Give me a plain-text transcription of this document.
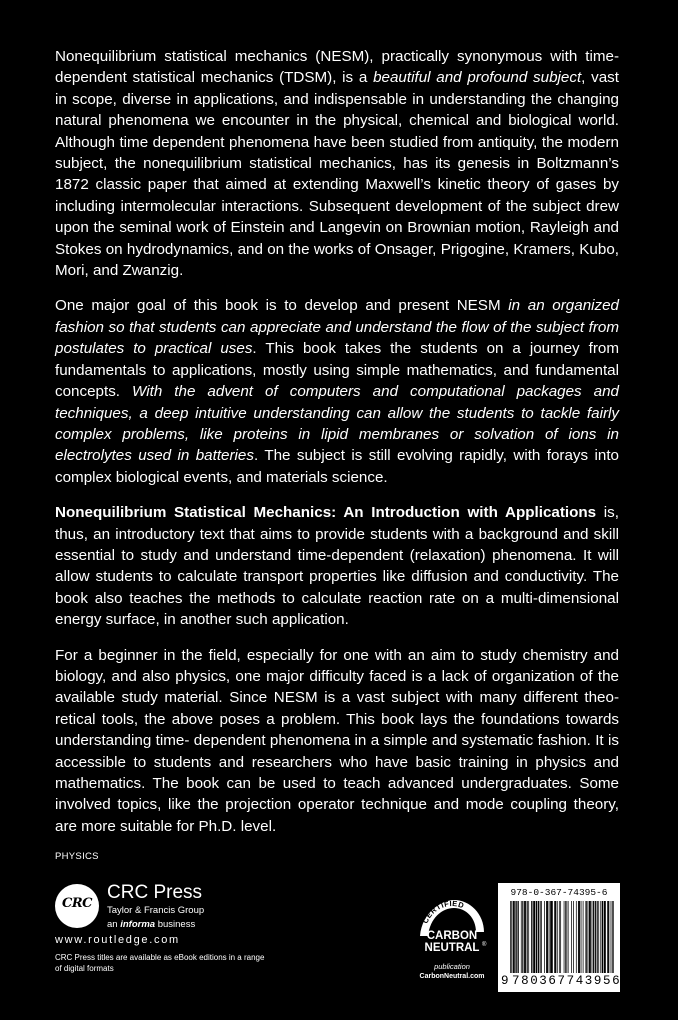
Nonequilibrium statistical mechanics (NESM), practically synonymous with time-dependent statistical mechanics (TDSM), is a beautiful and profound subject, vast in scope, diverse in applications, and indispensable in understanding the changing natural phenomena we encounter in the physical, chemical and biological world. Although time dependent phenomena have been studied from antiquity, the modern subject, the nonequilibrium statistical mechanics, has its genesis in Boltzmann’s 1872 classic paper that aimed at extending Maxwell’s kinetic theory of gases by including intermolecular interactions. Subsequent development of the subject drew upon the seminal work of Einstein and Langevin on Brownian motion, Rayleigh and Stokes on hydrodynamics, and on the works of Onsager, Prigogine, Kramers, Kubo, Mori, and Zwanzig.

One major goal of this book is to develop and present NESM in an organized fashion so that students can appreciate and understand the flow of the subject from postulates to practical uses. This book takes the students on a journey from fundamentals to applications, mostly using simple mathematics, and fundamental concepts. With the advent of computers and computational packages and techniques, a deep intuitive understanding can allow the students to tackle fairly complex problems, like proteins in lipid membranes or solvation of ions in electrolytes used in batteries. The subject is still evolving rapidly, with forays into complex biological events, and materials science.

Nonequilibrium Statistical Mechanics: An Introduction with Applications is, thus, an introductory text that aims to provide students with a background and skill essential to study and understand time-dependent (relaxation) phenomena. It will allow students to calculate transport properties like diffusion and conductivity. The book also teaches the methods to calculate reaction rate on a multi-dimensional energy surface, in another such application.

For a beginner in the field, especially for one with an aim to study chemistry and biology, and also physics, one major difficulty faced is a lack of organization of the available study material. Since NESM is a vast subject with many different theoretical tools, the above poses a problem. This book lays the foundations towards understanding time- dependent phenomena in a simple and systematic fashion. It is accessible to students and researchers who have basic training in physics and mathematics. The book can be used to teach advanced undergraduates. Some involved topics, like the projection operator technique and mode coupling theory, are more suitable for Ph.D. level.

PHYSICS
CRC
CRC Press
Taylor & Francis Group
an informa business
www.routledge.com
CRC Press titles are available as eBook editions in a range of digital formats
CERTIFIED
CARBON
NEUTRAL ®
publication
CarbonNeutral.com
978-0-367-74395-6
9 780367743956
